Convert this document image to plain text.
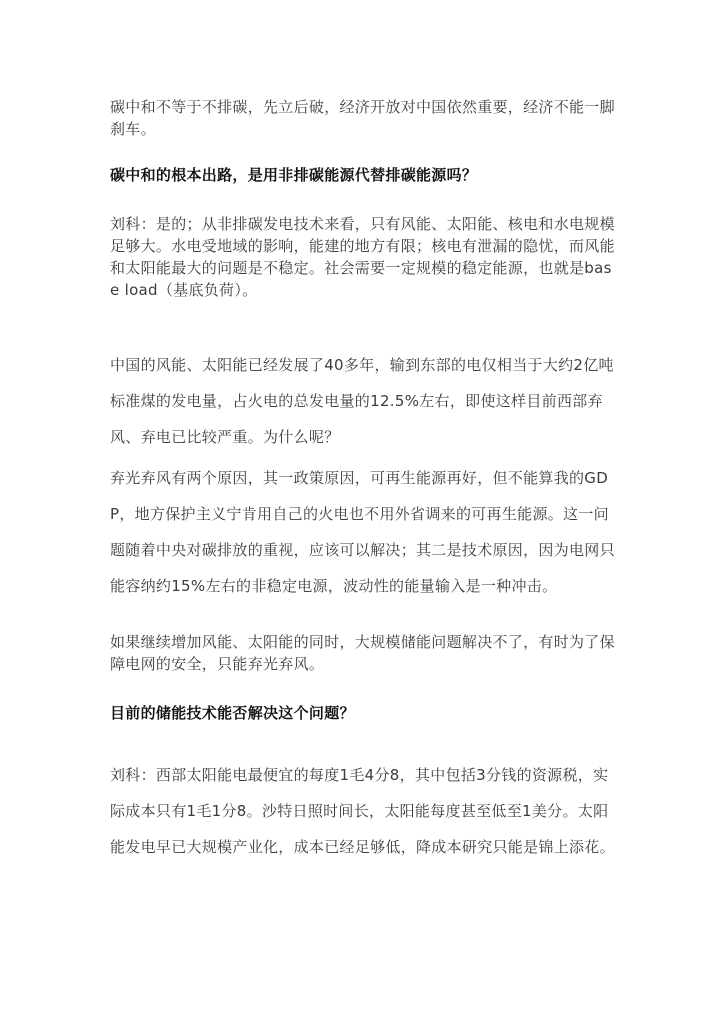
碳中和不等于不排碳，先立后破，经济开放对中国依然重要，经济不能一脚刹车。

碳中和的根本出路，是用非排碳能源代替排碳能源吗？

刘科：是的；从非排碳发电技术来看，只有风能、太阳能、核电和水电规模足够大。水电受地域的影响，能建的地方有限；核电有泄漏的隐忧，而风能和太阳能最大的问题是不稳定。社会需要一定规模的稳定能源，也就是base load（基底负荷）。

中国的风能、太阳能已经发展了40多年，输到东部的电仅相当于大约2亿吨标准煤的发电量，占火电的总发电量的12.5%左右，即使这样目前西部弃风、弃电已比较严重。为什么呢？

弃光弃风有两个原因，其一政策原因，可再生能源再好，但不能算我的GDP，地方保护主义宁肯用自己的火电也不用外省调来的可再生能源。这一问题随着中央对碳排放的重视，应该可以解决；其二是技术原因，因为电网只能容纳约15%左右的非稳定电源，波动性的能量输入是一种冲击。

如果继续增加风能、太阳能的同时，大规模储能问题解决不了，有时为了保障电网的安全，只能弃光弃风。

目前的储能技术能否解决这个问题？

刘科：西部太阳能电最便宜的每度1毛4分8，其中包括3分钱的资源税，实际成本只有1毛1分8。沙特日照时间长，太阳能每度甚至低至1美分。太阳能发电早已大规模产业化，成本已经足够低，降成本研究只能是锦上添花。
